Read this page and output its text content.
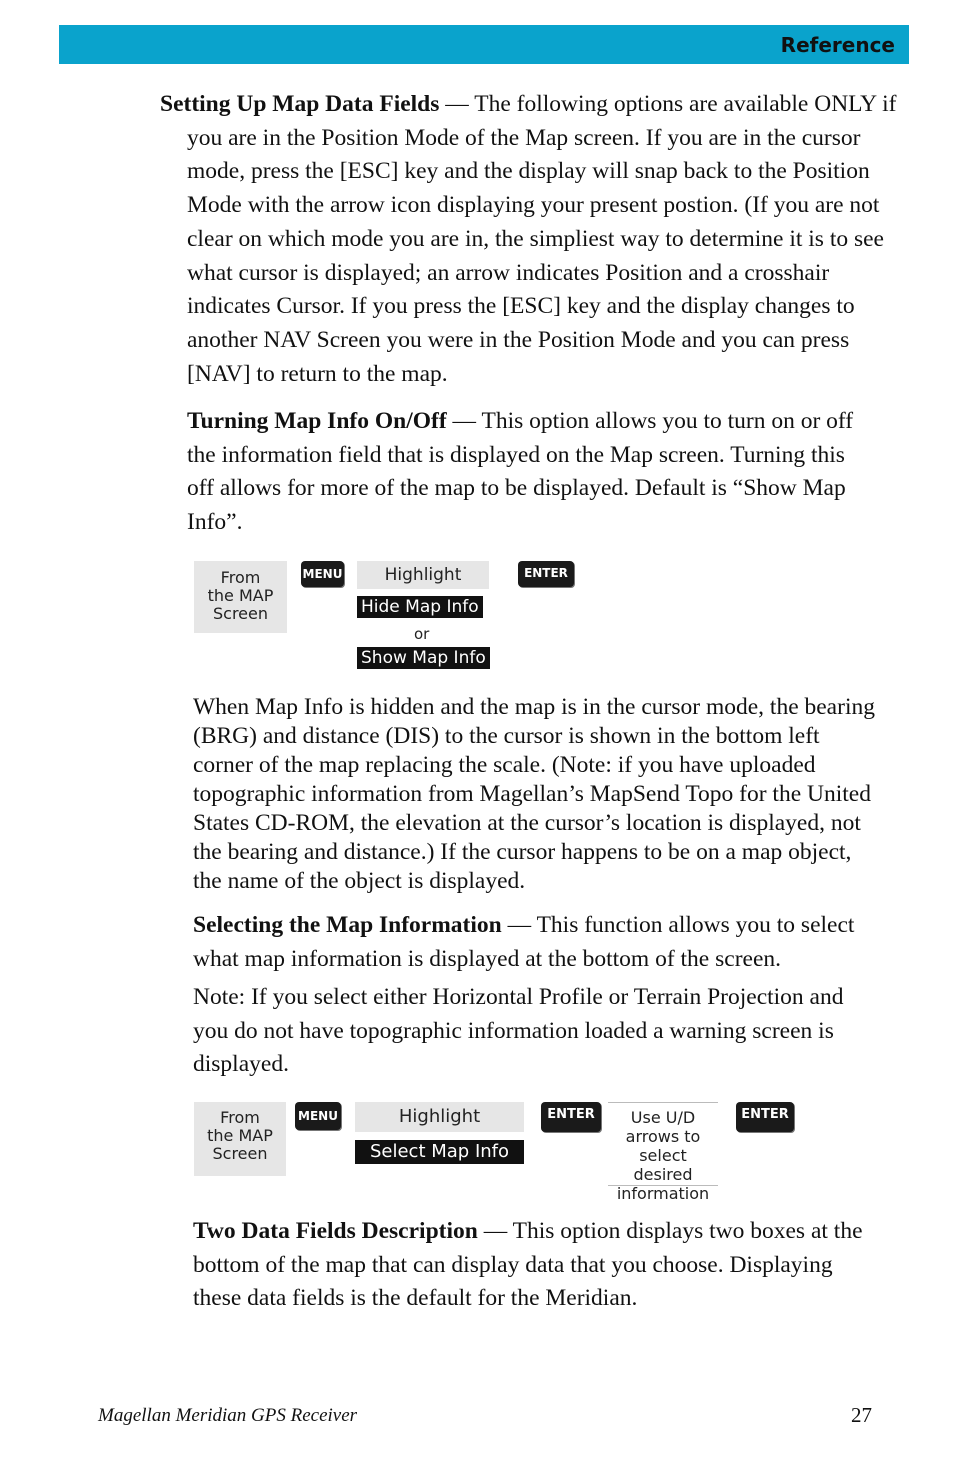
Reference

Setting Up Map Data Fields — The following options are available ONLY if you are in the Position Mode of the Map screen. If you are in the cursor mode, press the [ESC] key and the display will snap back to the Position Mode with the arrow icon displaying your present postion. (If you are not clear on which mode you are in, the simpliest way to determine it is to see what cursor is displayed; an arrow indicates Position and a crosshair indicates Cursor. If you press the [ESC] key and the display changes to another NAV Screen you were in the Position Mode and you can press [NAV] to return to the map.

Turning Map Info On/Off — This option allows you to turn on or off the information field that is displayed on the Map screen. Turning this off allows for more of the map to be displayed. Default is “Show Map Info”.

From
the MAP
Screen
MENU	Highlight
Hide Map Info
or
Show Map Info
ENTER

When Map Info is hidden and the map is in the cursor mode, the bearing (BRG) and distance (DIS) to the cursor is shown in the bottom left corner of the map replacing the scale. (Note: if you have uploaded topographic information from Magellan’s MapSend Topo for the United States CD-ROM, the elevation at the cursor’s location is displayed, not the bearing and distance.) If the cursor happens to be on a map object, the name of the object is displayed.

Selecting the Map Information — This function allows you to select what map information is displayed at the bottom of the screen.

Note: If you select either Horizontal Profile or Terrain Projection and you do not have topographic information loaded a warning screen is displayed.

From
the MAP
Screen
MENU	Highlight
Select Map Info
ENTER	Use U/D
arrows to
select desired
information
ENTER

Two Data Fields Description — This option displays two boxes at the bottom of the map that can display data that you choose. Displaying these data fields is the default for the Meridian.

Magellan Meridian GPS Receiver	27
